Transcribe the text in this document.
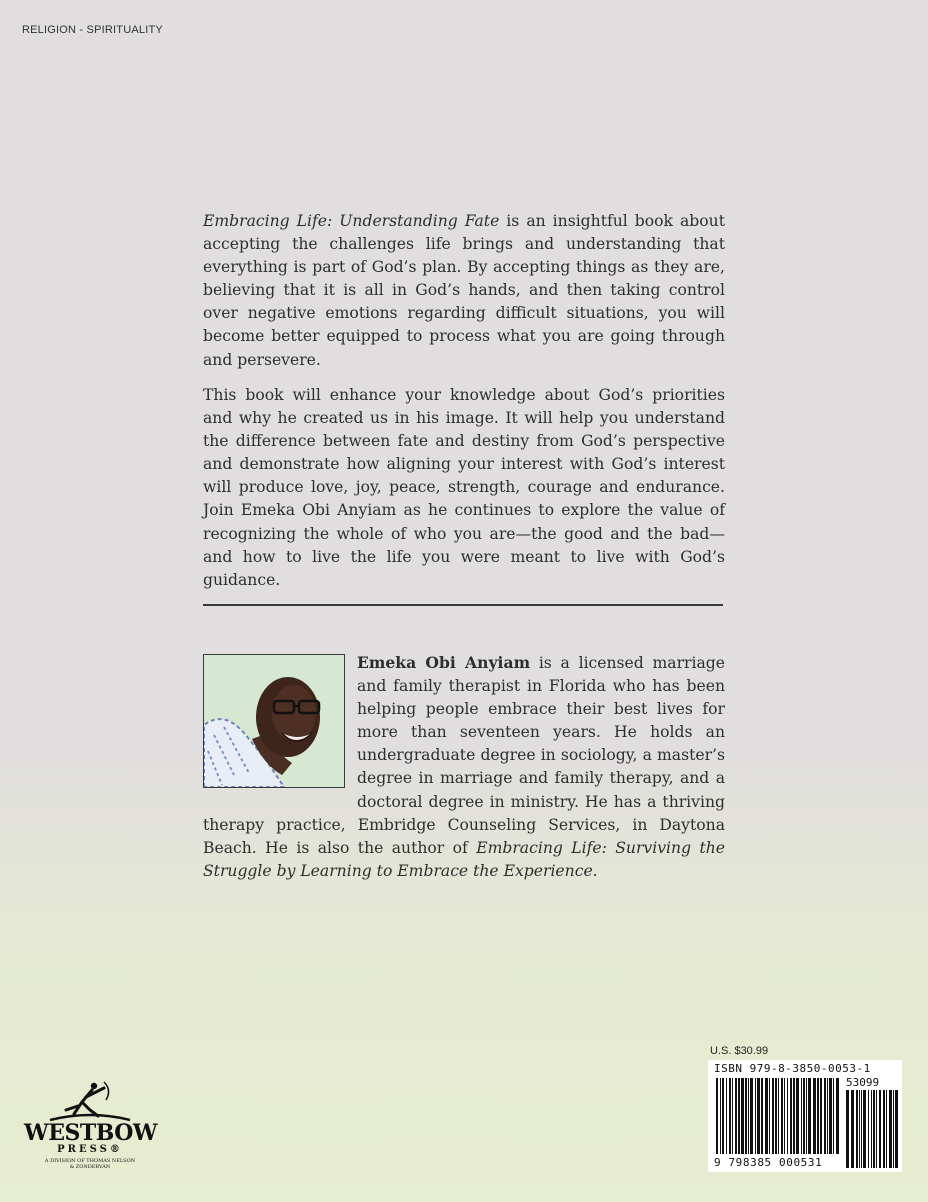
RELIGION - SPIRITUALITY

Embracing Life: Understanding Fate is an insightful book about accepting the challenges life brings and understanding that everything is part of God’s plan. By accepting things as they are, believing that it is all in God’s hands, and then taking control over negative emotions regarding difficult situations, you will become better equipped to process what you are going through and persevere.

This book will enhance your knowledge about God’s priorities and why he created us in his image. It will help you understand the difference between fate and destiny from God’s perspective and demonstrate how aligning your interest with God’s interest will produce love, joy, peace, strength, courage and endurance. Join Emeka Obi Anyiam as he continues to explore the value of recognizing the whole of who you are—the good and the bad—and how to live the life you were meant to live with God’s guidance.

Emeka Obi Anyiam is a licensed marriage and family therapist in Florida who has been helping people embrace their best lives for more than seventeen years. He holds an undergraduate degree in sociology, a master’s degree in marriage and family therapy, and a doctoral degree in ministry. He has a thriving therapy practice, Embridge Counseling Services, in Daytona Beach. He is also the author of Embracing Life: Surviving the Struggle by Learning to Embrace the Experience.
U.S. $30.99
ISBN 979-8-3850-0053-1
53099
9 798385 000531
WESTBOW
PRESS®
A DIVISION OF THOMAS NELSON
& ZONDERVAN
